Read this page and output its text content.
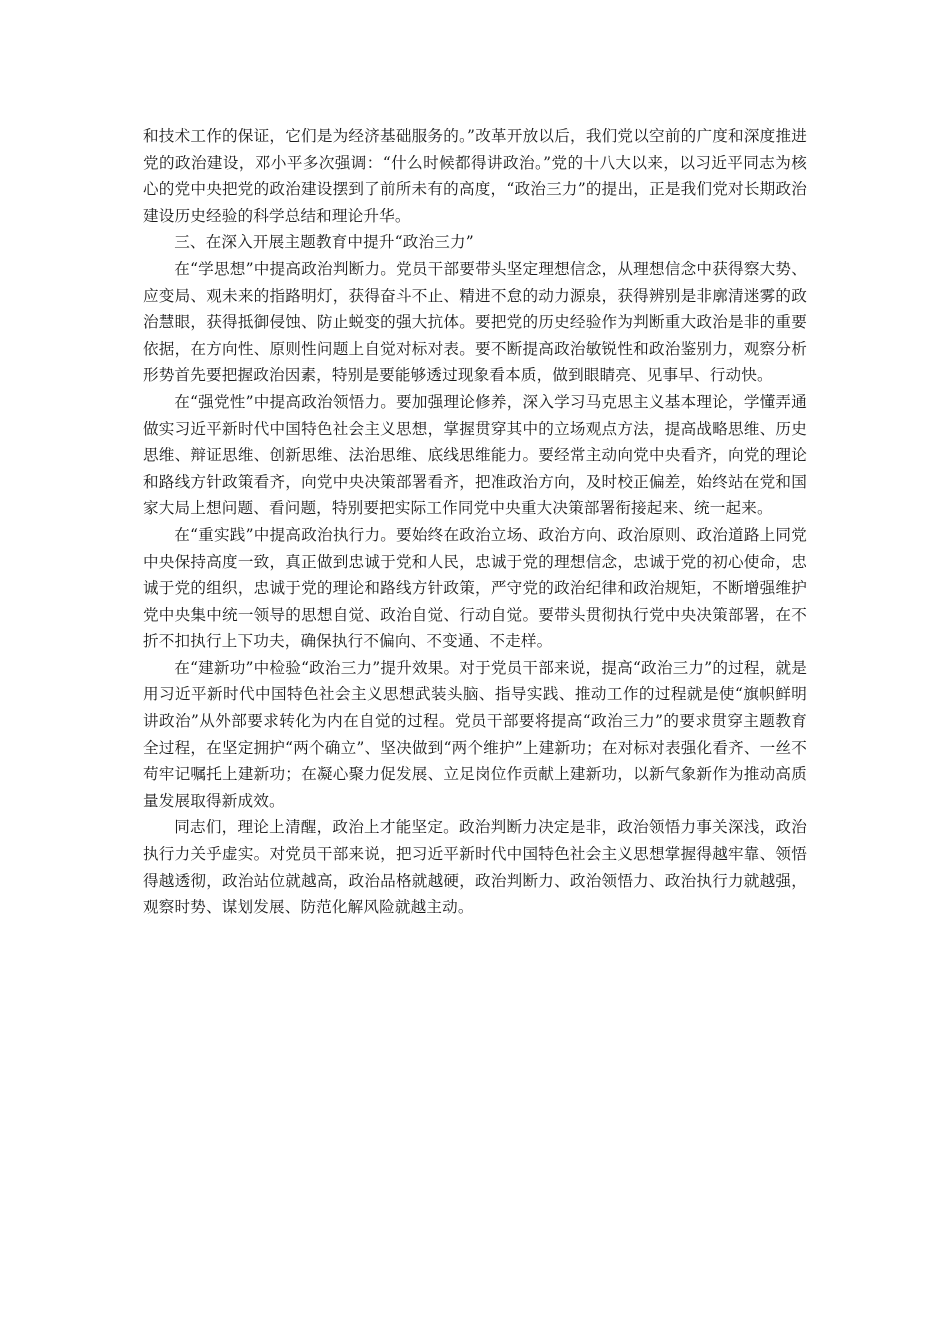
和技术工作的保证，它们是为经济基础服务的。”改革开放以后，我们党以空前的广度和深度推进党的政治建设，邓小平多次强调：“什么时候都得讲政治。”党的十八大以来，以习近平同志为核心的党中央把党的政治建设摆到了前所未有的高度，“政治三力”的提出，正是我们党对长期政治建设历史经验的科学总结和理论升华。

三、在深入开展主题教育中提升“政治三力”

在“学思想”中提高政治判断力。党员干部要带头坚定理想信念，从理想信念中获得察大势、应变局、观未来的指路明灯，获得奋斗不止、精进不怠的动力源泉，获得辨别是非廓清迷雾的政治慧眼，获得抵御侵蚀、防止蜕变的强大抗体。要把党的历史经验作为判断重大政治是非的重要依据，在方向性、原则性问题上自觉对标对表。要不断提高政治敏锐性和政治鉴别力，观察分析形势首先要把握政治因素，特别是要能够透过现象看本质，做到眼睛亮、见事早、行动快。

在“强党性”中提高政治领悟力。要加强理论修养，深入学习马克思主义基本理论，学懂弄通做实习近平新时代中国特色社会主义思想，掌握贯穿其中的立场观点方法，提高战略思维、历史思维、辩证思维、创新思维、法治思维、底线思维能力。要经常主动向党中央看齐，向党的理论和路线方针政策看齐，向党中央决策部署看齐，把准政治方向，及时校正偏差，始终站在党和国家大局上想问题、看问题，特别要把实际工作同党中央重大决策部署衔接起来、统一起来。

在“重实践”中提高政治执行力。要始终在政治立场、政治方向、政治原则、政治道路上同党中央保持高度一致，真正做到忠诚于党和人民，忠诚于党的理想信念，忠诚于党的初心使命，忠诚于党的组织，忠诚于党的理论和路线方针政策，严守党的政治纪律和政治规矩，不断增强维护党中央集中统一领导的思想自觉、政治自觉、行动自觉。要带头贯彻执行党中央决策部署，在不折不扣执行上下功夫，确保执行不偏向、不变通、不走样。

在“建新功”中检验“政治三力”提升效果。对于党员干部来说，提高“政治三力”的过程，就是用习近平新时代中国特色社会主义思想武装头脑、指导实践、推动工作的过程就是使“旗帜鲜明讲政治”从外部要求转化为内在自觉的过程。党员干部要将提高“政治三力”的要求贯穿主题教育全过程，在坚定拥护“两个确立”、坚决做到“两个维护”上建新功；在对标对表强化看齐、一丝不苟牢记嘱托上建新功；在凝心聚力促发展、立足岗位作贡献上建新功，以新气象新作为推动高质量发展取得新成效。

同志们，理论上清醒，政治上才能坚定。政治判断力决定是非，政治领悟力事关深浅，政治执行力关乎虚实。对党员干部来说，把习近平新时代中国特色社会主义思想掌握得越牢靠、领悟得越透彻，政治站位就越高，政治品格就越硬，政治判断力、政治领悟力、政治执行力就越强，观察时势、谋划发展、防范化解风险就越主动。
